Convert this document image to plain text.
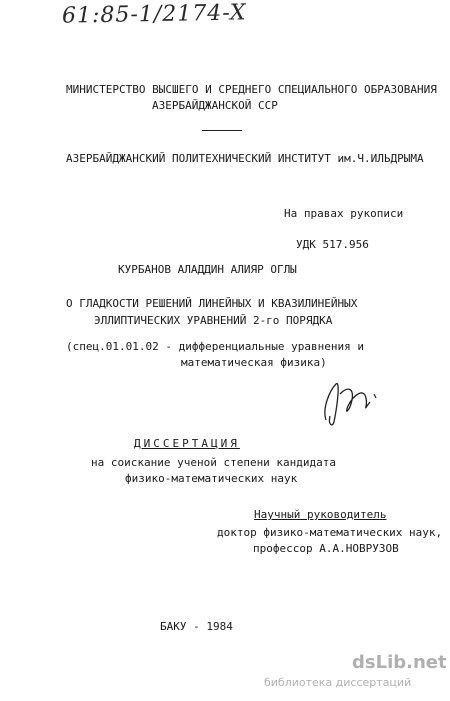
61:85-1/2174-X
МИНИСТЕРСТВО ВЫСШЕГО И СРЕДНЕГО СПЕЦИАЛЬНОГО ОБРАЗОВАНИЯ
АЗЕРБАЙДЖАНСКОЙ ССР
АЗЕРБАЙДЖАНСКИЙ ПОЛИТЕХНИЧЕСКИЙ ИНСТИТУТ им.Ч.ИЛЬДРЫМА
На правах рукописи
УДК 517.956
КУРБАНОВ АЛАДДИН АЛИЯР ОГЛЫ
О ГЛАДКОСТИ РЕШЕНИЙ ЛИНЕЙНЫХ И КВАЗИЛИНЕЙНЫХ
ЭЛЛИПТИЧЕСКИХ УРАВНЕНИЙ 2-го ПОРЯДКА
(спец.01.01.02 - дифференциальные уравнения и
математическая физика)
ДИССЕРТАЦИЯ
на соискание ученой степени кандидата
физико-математических наук
Научный руководитель
доктор физико-математических наук,
профессор А.А.НОВРУЗОВ
БАКУ - 1984
dsLib.net
библиотека диссертаций
